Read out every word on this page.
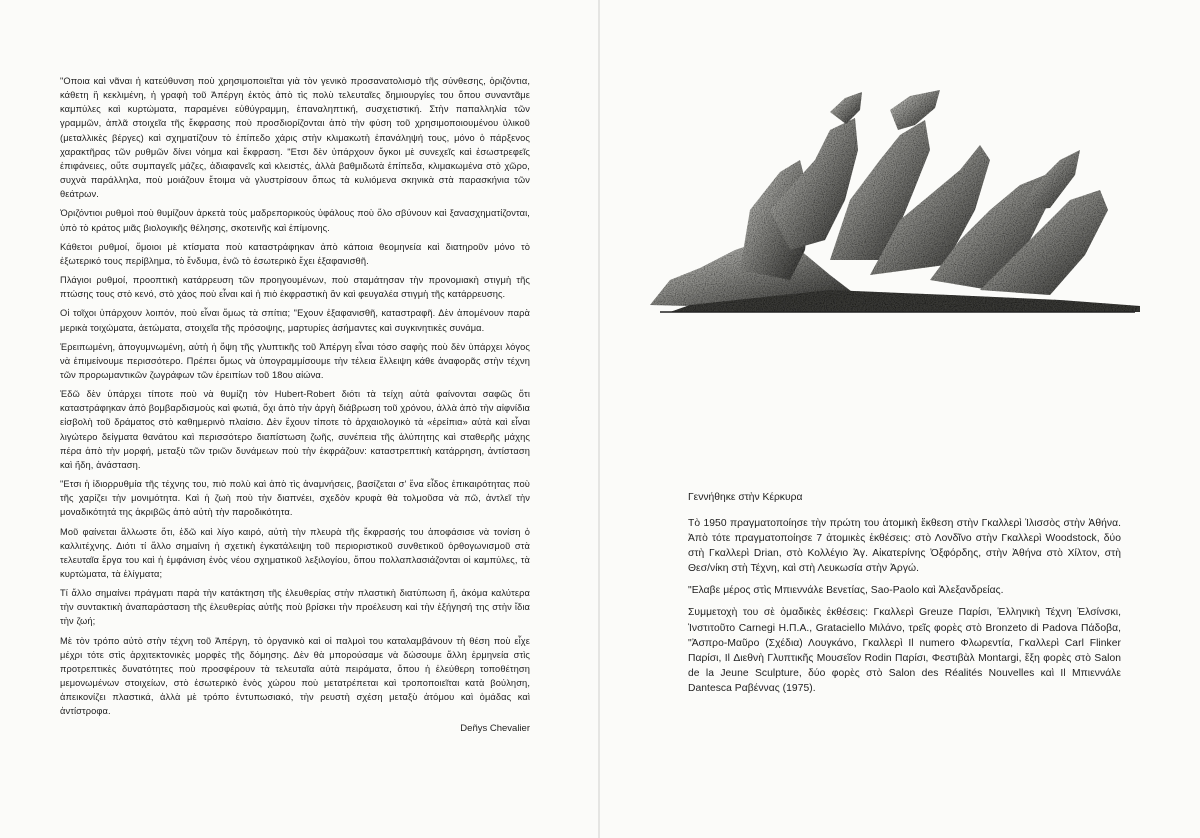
"Οποια καὶ νᾶναι ἡ κατεύθυνση ποὺ χρησιμοποιεῖται γιὰ τὸν γενικὸ προσανατολισμὸ τῆς σύνθεσης, ὁριζόντια, κάθετη ἢ κεκλιμένη, ἡ γραφὴ τοῦ Ἀπέργη ἐκτὸς ἀπὸ τὶς πολὺ τελευταῖες δημιουργίες του ὅπου συναντᾶμε καμπύλες καὶ κυρτώματα, παραμένει εὐθύγραμμη, ἐπαναληπτική, συσχετιστική. Στὴν παπαλληλία τῶν γραμμῶν, ἁπλᾶ στοιχεῖα τῆς ἔκφρασης ποὺ προσδιορίζονται ἀπὸ τὴν φύση τοῦ χρησιμοποιουμένου ὑλικοῦ (μεταλλικὲς βέργες) καὶ σχηματίζουν τὸ ἐπίπεδο χάρις στὴν κλιμακωτὴ ἐπανάληψή τους, μόνο ὁ πάρξενος χαρακτῆρας τῶν ρυθμῶν δίνει νόημα καὶ ἔκφραση. "Ετσι δὲν ὑπάρχουν ὄγκοι μὲ συνεχεῖς καὶ ἐσωστρεφεῖς ἐπιφάνειες, οὔτε συμπαγεῖς μάζες, ἀδιαφανεῖς καὶ κλειστές, ἀλλὰ βαθμιδωτὰ ἐπίπεδα, κλιμακωμένα στὸ χῶρο, συχνὰ παράλληλα, ποὺ μοιάζουν ἕτοιμα νὰ γλυστρίσουν ὅπως τὰ κυλιόμενα σκηνικὰ στὰ παρασκήνια τῶν θεάτρων.

Ὁριζόντιοι ρυθμοὶ ποὺ θυμίζουν ἀρκετὰ τοὺς μαδρεπορικοὺς ὑφάλους ποὺ ὅλο σβύνουν καὶ ξανασχηματίζονται, ὑπὸ τὸ κράτος μιᾶς βιολογικῆς θέλησης, σκοτεινῆς καὶ ἐπίμονης.

Κάθετοι ρυθμοί, ὅμοιοι μὲ κτίσματα ποὺ καταστράφηκαν ἀπὸ κάποια θεομηνεία καὶ διατηροῦν μόνο τὸ ἐξωτερικό τους περίβλημα, τὸ ἔνδυμα, ἐνῶ τὸ ἐσωτερικὸ ἔχει ἐξαφανισθῆ.

Πλάγιοι ρυθμοί, προοπτικὴ κατάρρευση τῶν προηγουμένων, ποὺ σταμάτησαν τὴν προνομιακὴ στιγμὴ τῆς πτώσης τους στὸ κενό, στὸ χάος ποὺ εἶναι καὶ ἡ πιὸ ἐκφραστικὴ ἂν καὶ φευγαλέα στιγμὴ τῆς κατάρρευσης.

Οἱ τοῖχοι ὑπάρχουν λοιπόν, ποὺ εἶναι ὅμως τὰ σπίτια; "Εχουν ἐξαφανισθῆ, καταστραφῆ. Δὲν ἀπομένουν παρὰ μερικὰ τοιχώματα, ἀετώματα, στοιχεῖα τῆς πρόσοψης, μαρτυρίες ἀσήμαντες καὶ συγκινητικὲς συνάμα.

Ἐρειπωμένη, ἀπογυμνωμένη, αὐτὴ ἡ ὄψη τῆς γλυπτικῆς τοῦ Ἀπέργη εἶναι τόσο σαφὴς ποὺ δὲν ὑπάρχει λόγος νὰ ἐπιμείνουμε περισσότερο. Πρέπει ὅμως νὰ ὑπογραμμίσουμε τὴν τέλεια ἔλλειψη κάθε ἀναφορᾶς στὴν τέχνη τῶν προρωμαντικῶν ζωγράφων τῶν ἐρειπίων τοῦ 18ου αἰώνα.

Ἐδῶ δὲν ὑπάρχει τίποτε ποὺ νὰ θυμίζη τὸν Hubert-Robert διότι τὰ τείχη αὐτὰ φαίνονται σαφῶς ὅτι καταστράφηκαν ἀπὸ βομβαρδισμοὺς καὶ φωτιά, ὄχι ἀπὸ τὴν ἀργὴ διάβρωση τοῦ χρόνου, ἀλλὰ ἀπὸ τὴν αἰφνίδια εἰσβολὴ τοῦ δράματος στὸ καθημερινὸ πλαίσιο. Δὲν ἔχουν τίποτε τὸ ἀρχαιολογικὸ τὰ «ἐρείπια» αὐτὰ καὶ εἶναι λιγώτερο δείγματα θανάτου καὶ περισσότερο διαπίστωση ζωῆς, συνέπεια τῆς ἀλύπητης καὶ σταθερῆς μάχης πέρα ἀπὸ τὴν μορφή, μεταξὺ τῶν τριῶν δυνάμεων ποὺ τὴν ἐκφράζουν: καταστρεπτικὴ κατάρρηση, ἀντίσταση καὶ ἤδη, ἀνάσταση.

"Ετσι ἡ ἰδιορρυθμία τῆς τέχνης του, πιὸ πολὺ καὶ ἀπὸ τὶς ἀναμνήσεις, βασίζεται σ' ἕνα εἶδος ἐπικαιρότητας ποὺ τῆς χαρίζει τὴν μονιμότητα. Καὶ ἡ ζωὴ ποὺ τὴν διαπνέει, σχεδὸν κρυφὰ θὰ τολμοῦσα νὰ πῶ, ἀντλεῖ τὴν μοναδικότητά της ἀκριβῶς ἀπὸ αὐτὴ τὴν παροδικότητα.

Μοῦ φαίνεται ἄλλωστε ὅτι, ἐδῶ καὶ λίγο καιρό, αὐτὴ τὴν πλευρὰ τῆς ἔκφρασής του ἀποφάσισε νὰ τονίση ὁ καλλιτέχνης. Διότι τί ἄλλο σημαίνη ἡ σχετικὴ ἐγκατάλειψη τοῦ περιοριστικοῦ συνθετικοῦ ὀρθογωνισμοῦ στὰ τελευταῖα ἔργα του καὶ ἡ ἐμφάνιση ἑνὸς νέου σχηματικοῦ λεξιλογίου, ὅπου πολλαπλασιάζονται οἱ καμπύλες, τὰ κυρτώματα, τὰ ἐλίγματα;

Τί ἄλλο σημαίνει πράγματι παρὰ τὴν κατάκτηση τῆς ἐλευθερίας στὴν πλαστικὴ διατύπωση ἤ, ἀκόμα καλύτερα τὴν συντακτικὴ ἀναπαράσταση τῆς ἐλευθερίας αὐτῆς ποὺ βρίσκει τὴν προέλευση καὶ τὴν ἐξήγησή της στὴν ἴδια τὴν ζωή;

Μὲ τὸν τρόπο αὐτὸ στὴν τέχνη τοῦ Ἀπέργη, τὸ ὀργανικὸ καὶ οἱ παλμοὶ του καταλαμβάνουν τὴ θέση ποὺ εἶχε μέχρι τότε στὶς ἀρχιτεκτονικὲς μορφὲς τῆς δόμησης. Δὲν θὰ μπορούσαμε νὰ δώσουμε ἄλλη ἑρμηνεία στὶς προτρεπτικὲς δυνατότητες ποὺ προσφέρουν τὰ τελευταῖα αὐτὰ πειράματα, ὅπου ἡ ἐλεύθερη τοποθέτηση μεμονωμένων στοιχείων, στὸ ἐσωτερικὸ ἑνὸς χώρου ποὺ μετατρέπεται καὶ τροποποιεῖται κατὰ βούληση, ἀπεικονίζει πλαστικά, ἀλλὰ μὲ τρόπο ἐντυπωσιακό, τὴν ρευστὴ σχέση μεταξὺ ἀτόμου καὶ ὁμάδας καὶ ἀντίστροφα.

Deñys Chevalier

Γεννήθηκε στὴν Κέρκυρα

Τὸ 1950 πραγματοποίησε τὴν πρώτη του ἀτομικὴ ἔκθεση στὴν Γκαλλερὶ Ἰλισσὸς στὴν Ἀθήνα. Ἀπὸ τότε πραγματοποίησε 7 ἀτομικὲς ἐκθέσεις: στὸ Λονδῖνο στὴν Γκαλλερὶ Woodstock, δύο στὴ Γκαλλερὶ Drian, στὸ Κολλέγιο Ἁγ. Αἰκατερίνης Ὀξφόρδης, στὴν Ἀθήνα στὸ Χίλτον, στὴ Θεσ/νίκη στὴ Τέχνη, καὶ στὴ Λευκωσία στὴν Ἀργώ.

"Ελαβε μέρος στὶς Μπιεννάλε Βενετίας, Sao-Paolo καὶ Ἀλεξανδρείας.

Συμμετοχὴ του σὲ ὁμαδικὲς ἐκθέσεις: Γκαλλερὶ Greuze Παρίσι, Ἑλληνικὴ Τέχνη Ἐλσίνσκι, Ἰνστιτοῦτο Carnegi Η.Π.Α., Grataciello Μιλάνο, τρεῖς φορὲς στὸ Bronzeto di Padova Πάδοβα, "Ἀσπρο-Μαῦρο (Σχέδια) Λουγκάνο, Γκαλλερὶ Il numero Φλωρεντία, Γκαλλερὶ Carl Flinker Παρίσι, Il Διεθνὴ Γλυπτικῆς Μουσεῖον Rodin Παρίσι, Φεστιβὰλ Montargi, ἕξη φορὲς στὸ Salon de la Jeune Sculpture, δύο φορὲς στὸ Salon des Réalités Nouvelles καὶ Il Μπιεννάλε Dantesca Ραβέννας (1975).
